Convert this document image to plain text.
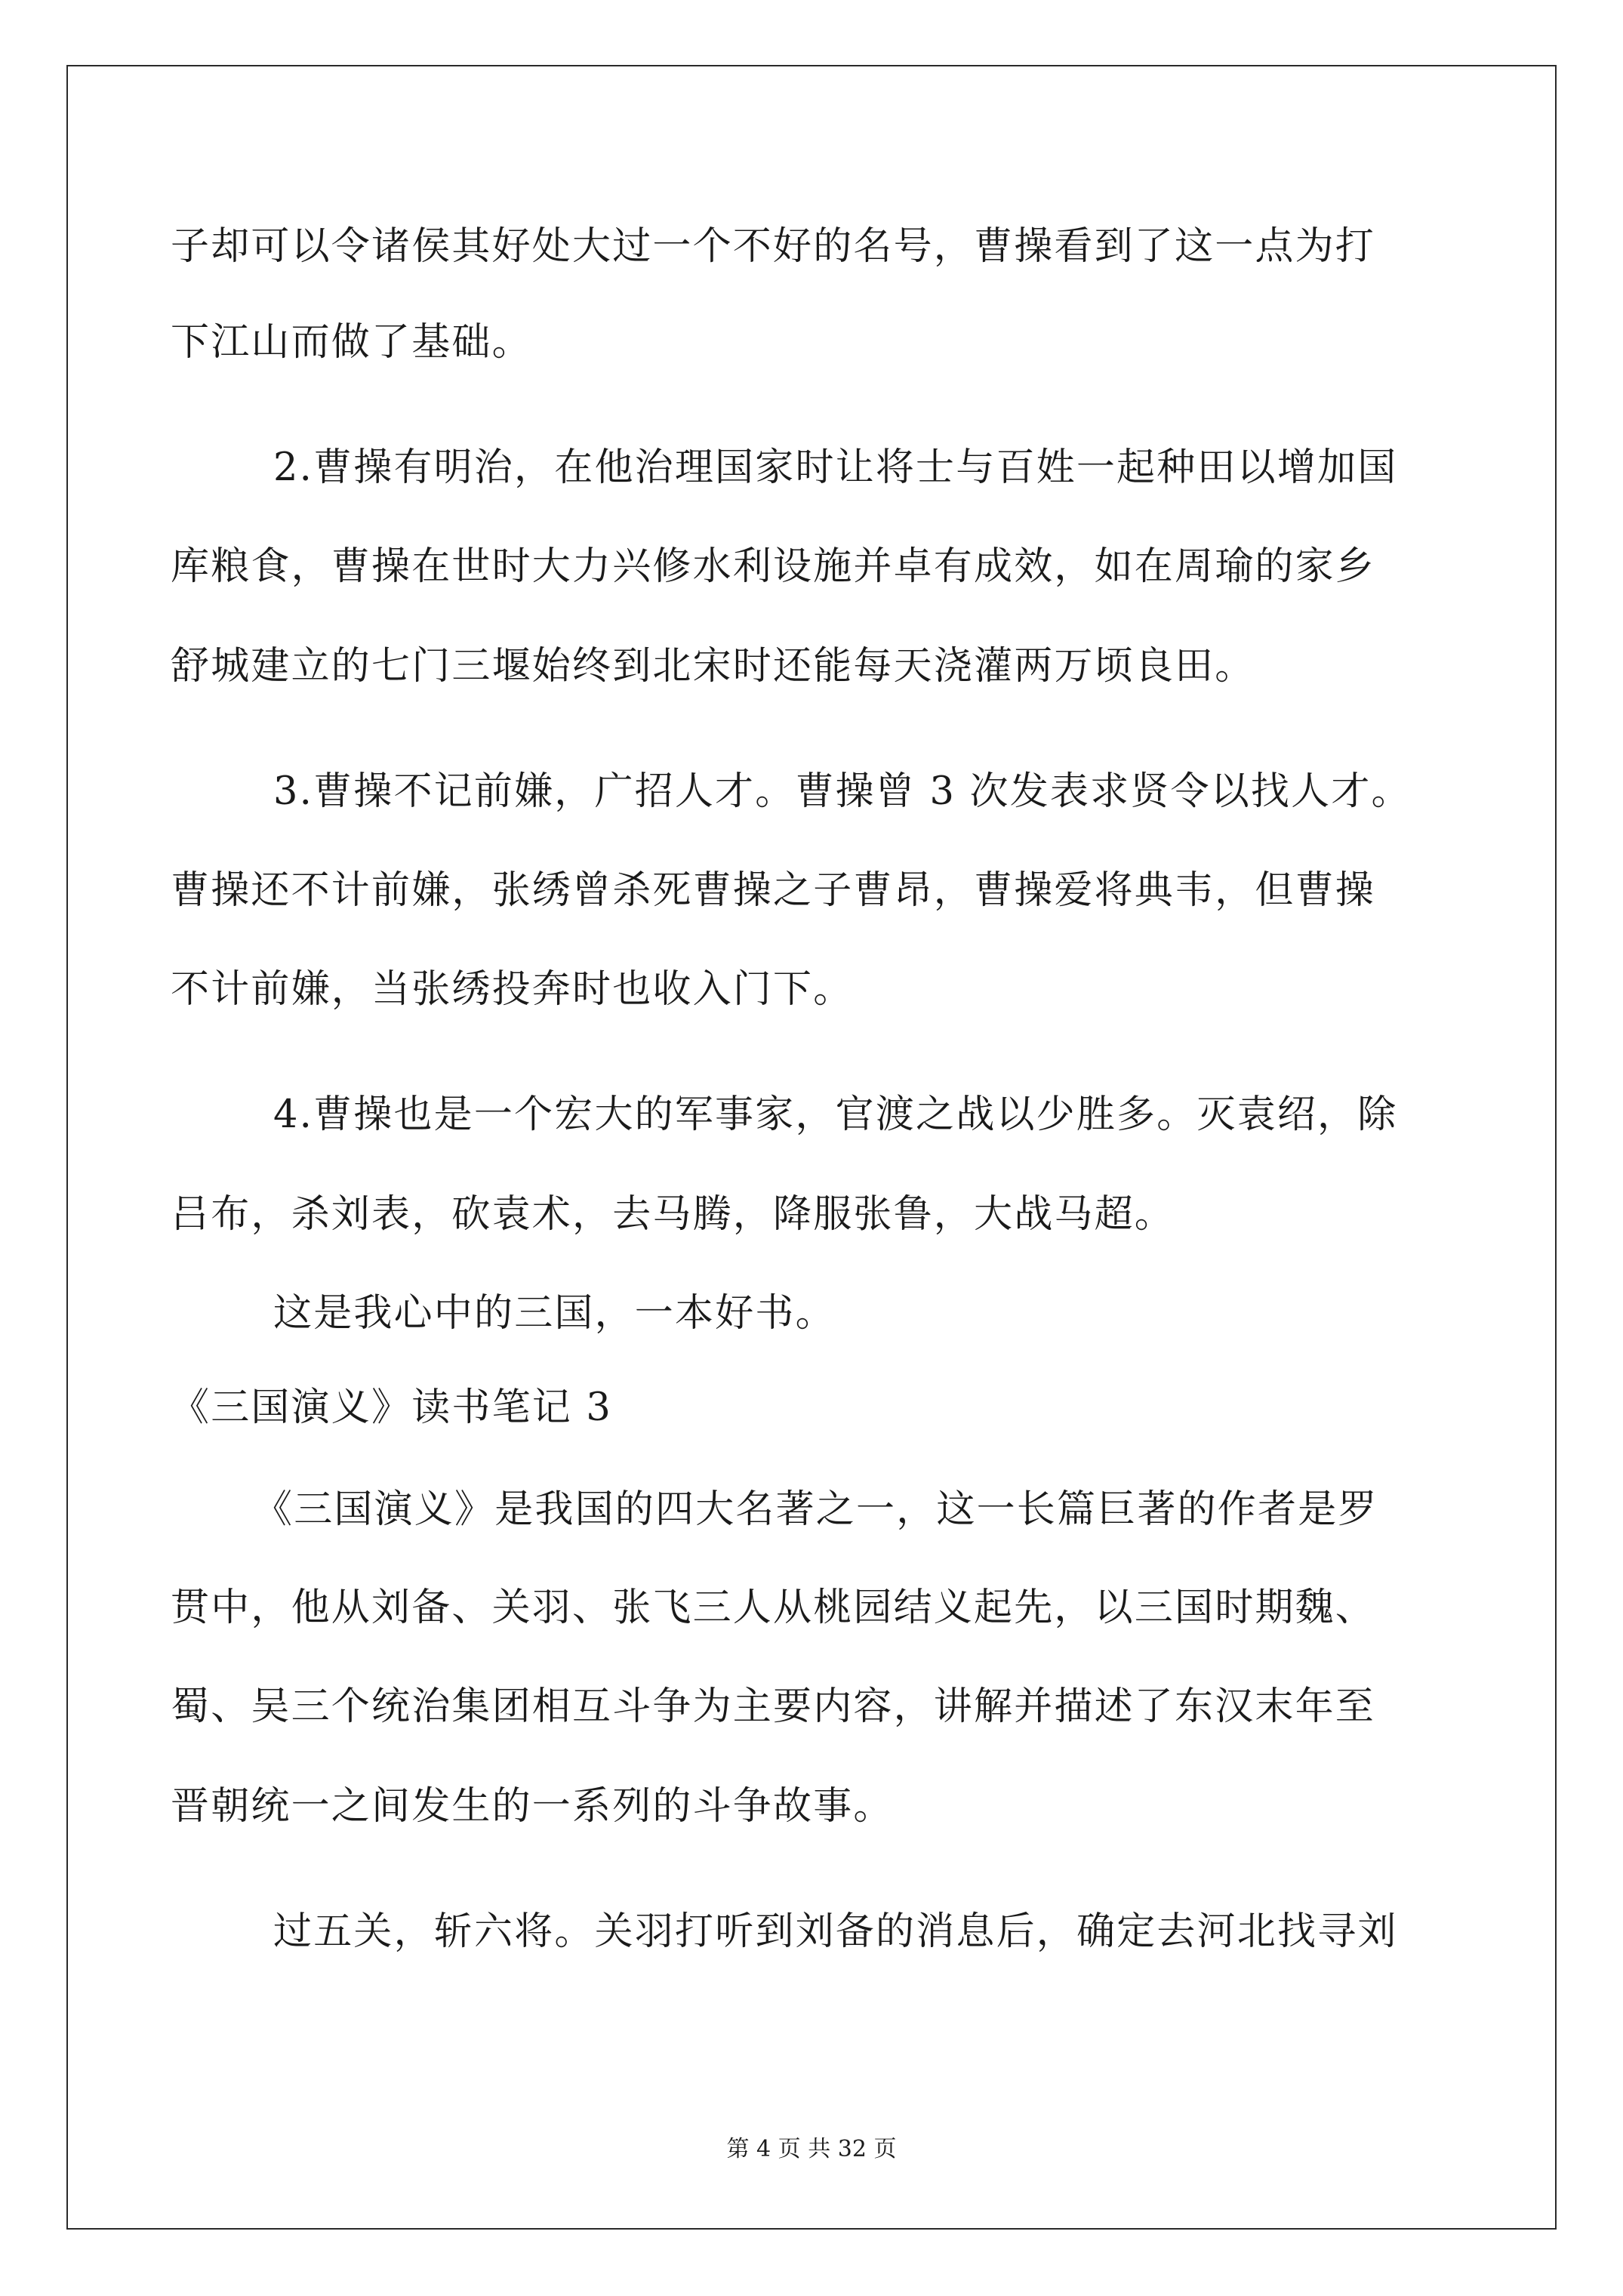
子却可以令诸侯其好处大过一个不好的名号，曹操看到了这一点为打

下江山而做了基础。

2.曹操有明治，在他治理国家时让将士与百姓一起种田以增加国

库粮食，曹操在世时大力兴修水利设施并卓有成效，如在周瑜的家乡

舒城建立的七门三堰始终到北宋时还能每天浇灌两万顷良田。

3.曹操不记前嫌，广招人才。曹操曾 3 次发表求贤令以找人才。

曹操还不计前嫌，张绣曾杀死曹操之子曹昂，曹操爱将典韦，但曹操

不计前嫌，当张绣投奔时也收入门下。

4.曹操也是一个宏大的军事家，官渡之战以少胜多。灭袁绍，除

吕布，杀刘表，砍袁术，去马腾，降服张鲁，大战马超。

这是我心中的三国，一本好书。

《三国演义》读书笔记 3

《三国演义》是我国的四大名著之一，这一长篇巨著的作者是罗

贯中，他从刘备、关羽、张飞三人从桃园结义起先，以三国时期魏、

蜀、吴三个统治集团相互斗争为主要内容，讲解并描述了东汉末年至

晋朝统一之间发生的一系列的斗争故事。

过五关，斩六将。关羽打听到刘备的消息后，确定去河北找寻刘

第 4 页 共 32 页
